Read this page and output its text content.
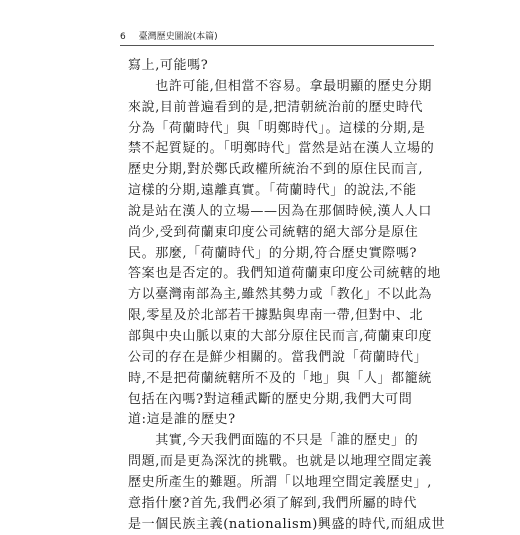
6 臺灣歷史圖說(本篇)
寫上,可能嗎?
　　也許可能,但相當不容易。拿最明顯的歷史分期
來說,目前普遍看到的是,把清朝統治前的歷史時代
分為「荷蘭時代」與「明鄭時代」。這樣的分期,是
禁不起質疑的。「明鄭時代」當然是站在漢人立場的
歷史分期,對於鄭氏政權所統治不到的原住民而言,
這樣的分期,遠離真實。「荷蘭時代」的說法,不能
說是站在漢人的立場——因為在那個時候,漢人人口
尚少,受到荷蘭東印度公司統轄的絕大部分是原住
民。那麼,「荷蘭時代」的分期,符合歷史實際嗎?
答案也是否定的。我們知道荷蘭東印度公司統轄的地
方以臺灣南部為主,雖然其勢力或「教化」不以此為
限,零星及於北部若干據點與卑南一帶,但對中、北
部與中央山脈以東的大部分原住民而言,荷蘭東印度
公司的存在是鮮少相關的。當我們說「荷蘭時代」
時,不是把荷蘭統轄所不及的「地」與「人」都籠統
包括在內嗎?對這種武斷的歷史分期,我們大可問
道:這是誰的歷史?
　　其實,今天我們面臨的不只是「誰的歷史」的
問題,而是更為深沈的挑戰。也就是以地理空間定義
歷史所產生的難題。所謂「以地理空間定義歷史」,
意指什麼?首先,我們必須了解到,我們所屬的時代
是一個民族主義(nationalism)興盛的時代,而組成世
